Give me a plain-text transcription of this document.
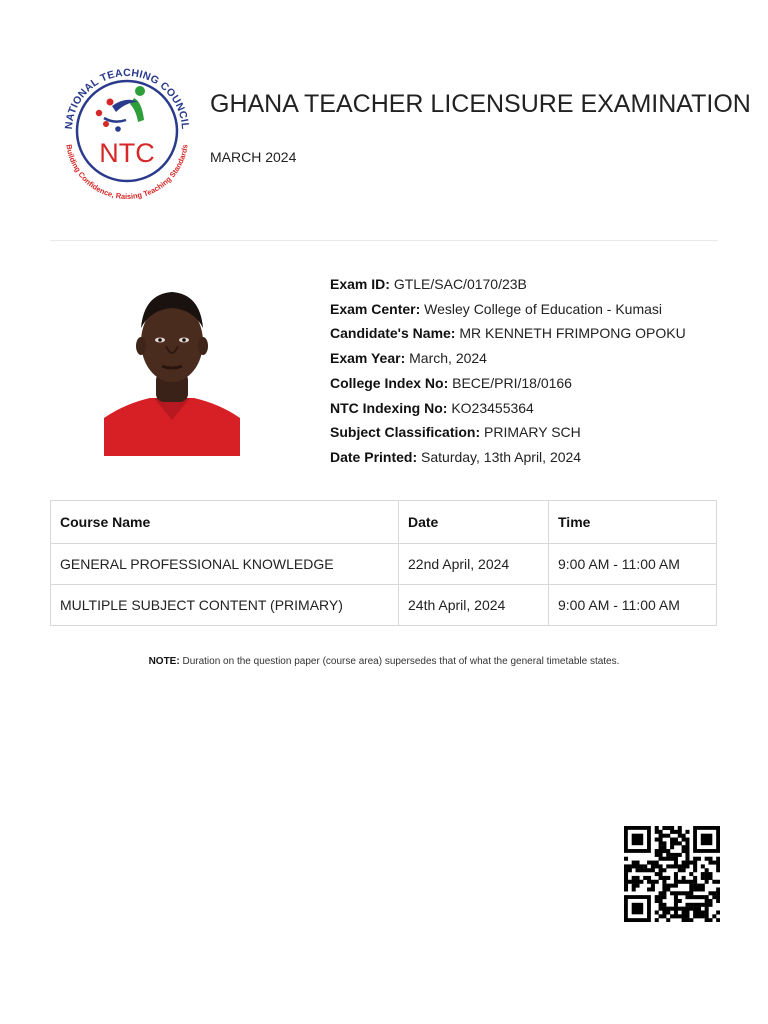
NATIONAL TEACHING COUNCIL
Building Confidence, Raising Teaching Standards
NTC
GHANA TEACHER LICENSURE EXAMINATION
MARCH 2024
Exam ID: GTLE/SAC/0170/23B
Exam Center: Wesley College of Education - Kumasi
Candidate's Name: MR KENNETH FRIMPONG OPOKU
Exam Year: March, 2024
College Index No: BECE/PRI/18/0166
NTC Indexing No: KO23455364
Subject Classification: PRIMARY SCH
Date Printed: Saturday, 13th April, 2024
Course Name	Date	Time
GENERAL PROFESSIONAL KNOWLEDGE	22nd April, 2024	9:00 AM - 11:00 AM
MULTIPLE SUBJECT CONTENT (PRIMARY)	24th April, 2024	9:00 AM - 11:00 AM
NOTE: Duration on the question paper (course area) supersedes that of what the general timetable states.
